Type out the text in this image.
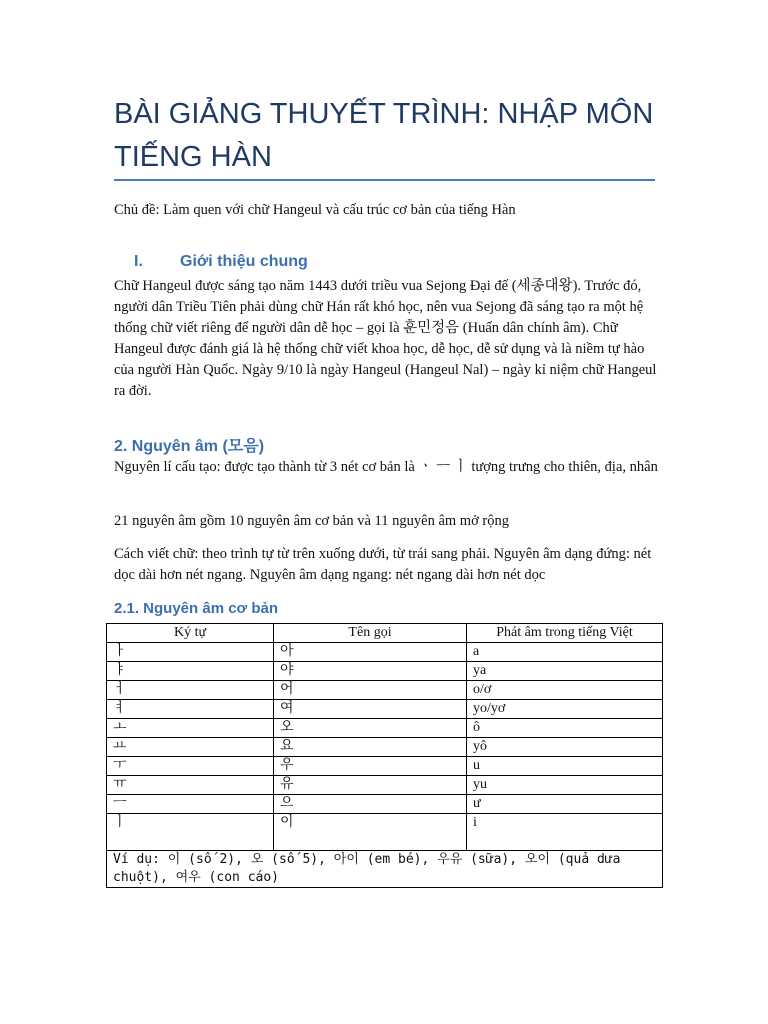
BÀI GIẢNG THUYẾT TRÌNH: NHẬP MÔN TIẾNG HÀN
Chủ đề: Làm quen với chữ Hangeul và cấu trúc cơ bản của tiếng Hàn
I. Giới thiệu chung

Chữ Hangeul được sáng tạo năm 1443 dưới triều vua Sejong Đại đế (세종대왕). Trước đó, người dân Triều Tiên phải dùng chữ Hán rất khó học, nên vua Sejong đã sáng tạo ra một hệ thống chữ viết riêng để người dân dễ học – gọi là 훈민정음 (Huấn dân chính âm). Chữ Hangeul được đánh giá là hệ thống chữ viết khoa học, dễ học, dễ sử dụng và là niềm tự hào của người Hàn Quốc. Ngày 9/10 là ngày Hangeul (Hangeul Nal) – ngày kỉ niệm chữ Hangeul ra đời.

2. Nguyên âm (모음)

Nguyên lí cấu tạo: được tạo thành từ 3 nét cơ bản là ㆍ ㅡ ㅣ tượng trưng cho thiên, địa, nhân

21 nguyên âm gồm 10 nguyên âm cơ bản và 11 nguyên âm mở rộng

Cách viết chữ: theo trình tự từ trên xuống dưới, từ trái sang phải. Nguyên âm dạng đứng: nét dọc dài hơn nét ngang. Nguyên âm dạng ngang: nét ngang dài hơn nét dọc

2.1. Nguyên âm cơ bản
Ký tự	Tên gọi	Phát âm trong tiếng Việt
ㅏ	아	a
ㅑ	야	ya
ㅓ	어	o/ơ
ㅕ	여	yo/yơ
ㅗ	오	ô
ㅛ	요	yô
ㅜ	우	u
ㅠ	유	yu
ㅡ	으	ư
ㅣ	이	i
Ví dụ: 이 (số 2), 오 (số 5), 아이 (em bé), 우유 (sữa), 오이 (quả dưa chuột), 여우 (con cáo)		
